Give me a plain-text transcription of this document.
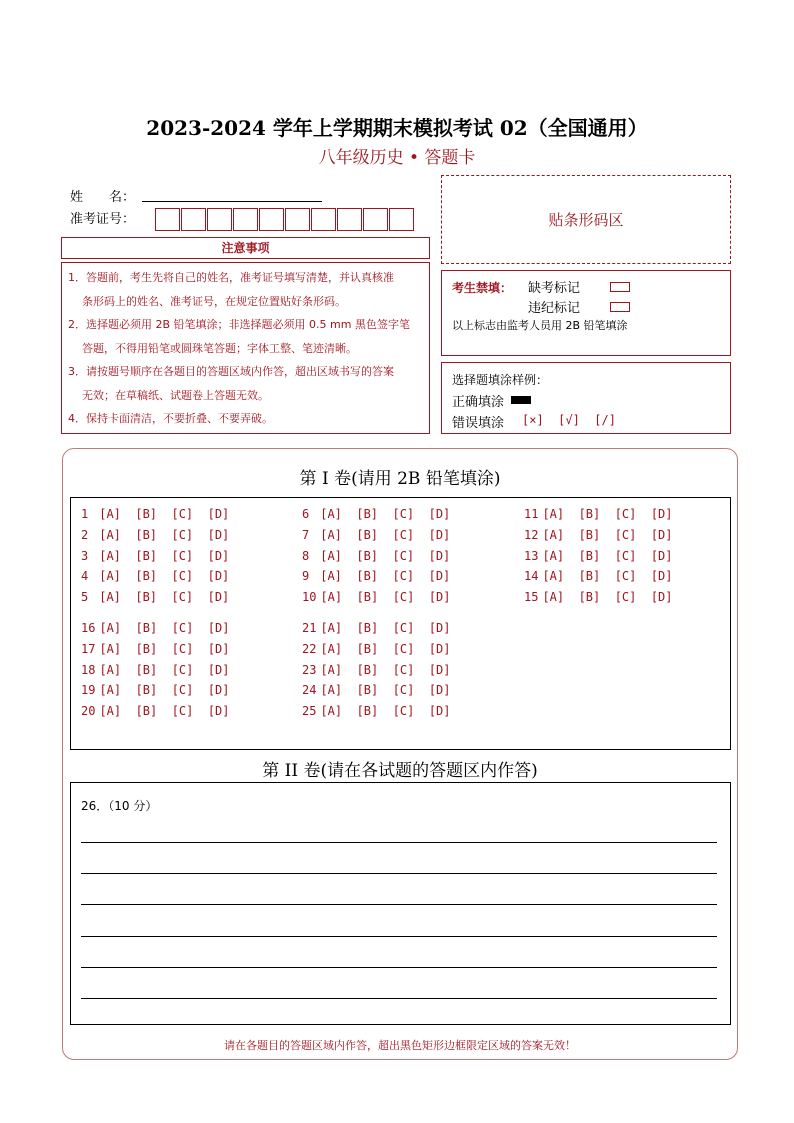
2023-2024 学年上学期期末模拟考试 02（全国通用）
八年级历史 • 答题卡
姓　　名：
准考证号：	贴条形码区
注意事项

1．答题前，考生先将自己的姓名，准考证号填写清楚，并认真核准

条形码上的姓名、准考证号，在规定位置贴好条形码。

2．选择题必须用 2B 铅笔填涂；非选择题必须用 0.5 mm 黑色签字笔

答题，不得用铅笔或圆珠笔答题；字体工整、笔迹清晰。

3．请按题号顺序在各题目的答题区域内作答，超出区域书写的答案

无效；在草稿纸、试题卷上答题无效。

4．保持卡面清洁，不要折叠、不要弄破。

考生禁填： 缺考标记
违纪标记
以上标志由监考人员用 2B 铅笔填涂
选择题填涂样例：
正确填涂
错误填涂 [×]  [√]  [/]
第 I 卷(请用 2B 铅笔填涂)
1 [A]  [B]  [C]  [D]
2 [A]  [B]  [C]  [D]
3 [A]  [B]  [C]  [D]
4 [A]  [B]  [C]  [D]
5 [A]  [B]  [C]  [D]
6 [A]  [B]  [C]  [D]
7 [A]  [B]  [C]  [D]
8 [A]  [B]  [C]  [D]
9 [A]  [B]  [C]  [D]
10 [A]  [B]  [C]  [D]
11 [A]  [B]  [C]  [D]
12 [A]  [B]  [C]  [D]
13 [A]  [B]  [C]  [D]
14 [A]  [B]  [C]  [D]
15 [A]  [B]  [C]  [D]
16 [A]  [B]  [C]  [D]
17 [A]  [B]  [C]  [D]
18 [A]  [B]  [C]  [D]
19 [A]  [B]  [C]  [D]
20 [A]  [B]  [C]  [D]
21 [A]  [B]  [C]  [D]
22 [A]  [B]  [C]  [D]
23 [A]  [B]  [C]  [D]
24 [A]  [B]  [C]  [D]
25 [A]  [B]  [C]  [D]
第 II 卷(请在各试题的答题区内作答)
26．（10 分）
请在各题目的答题区域内作答，超出黑色矩形边框限定区域的答案无效！
